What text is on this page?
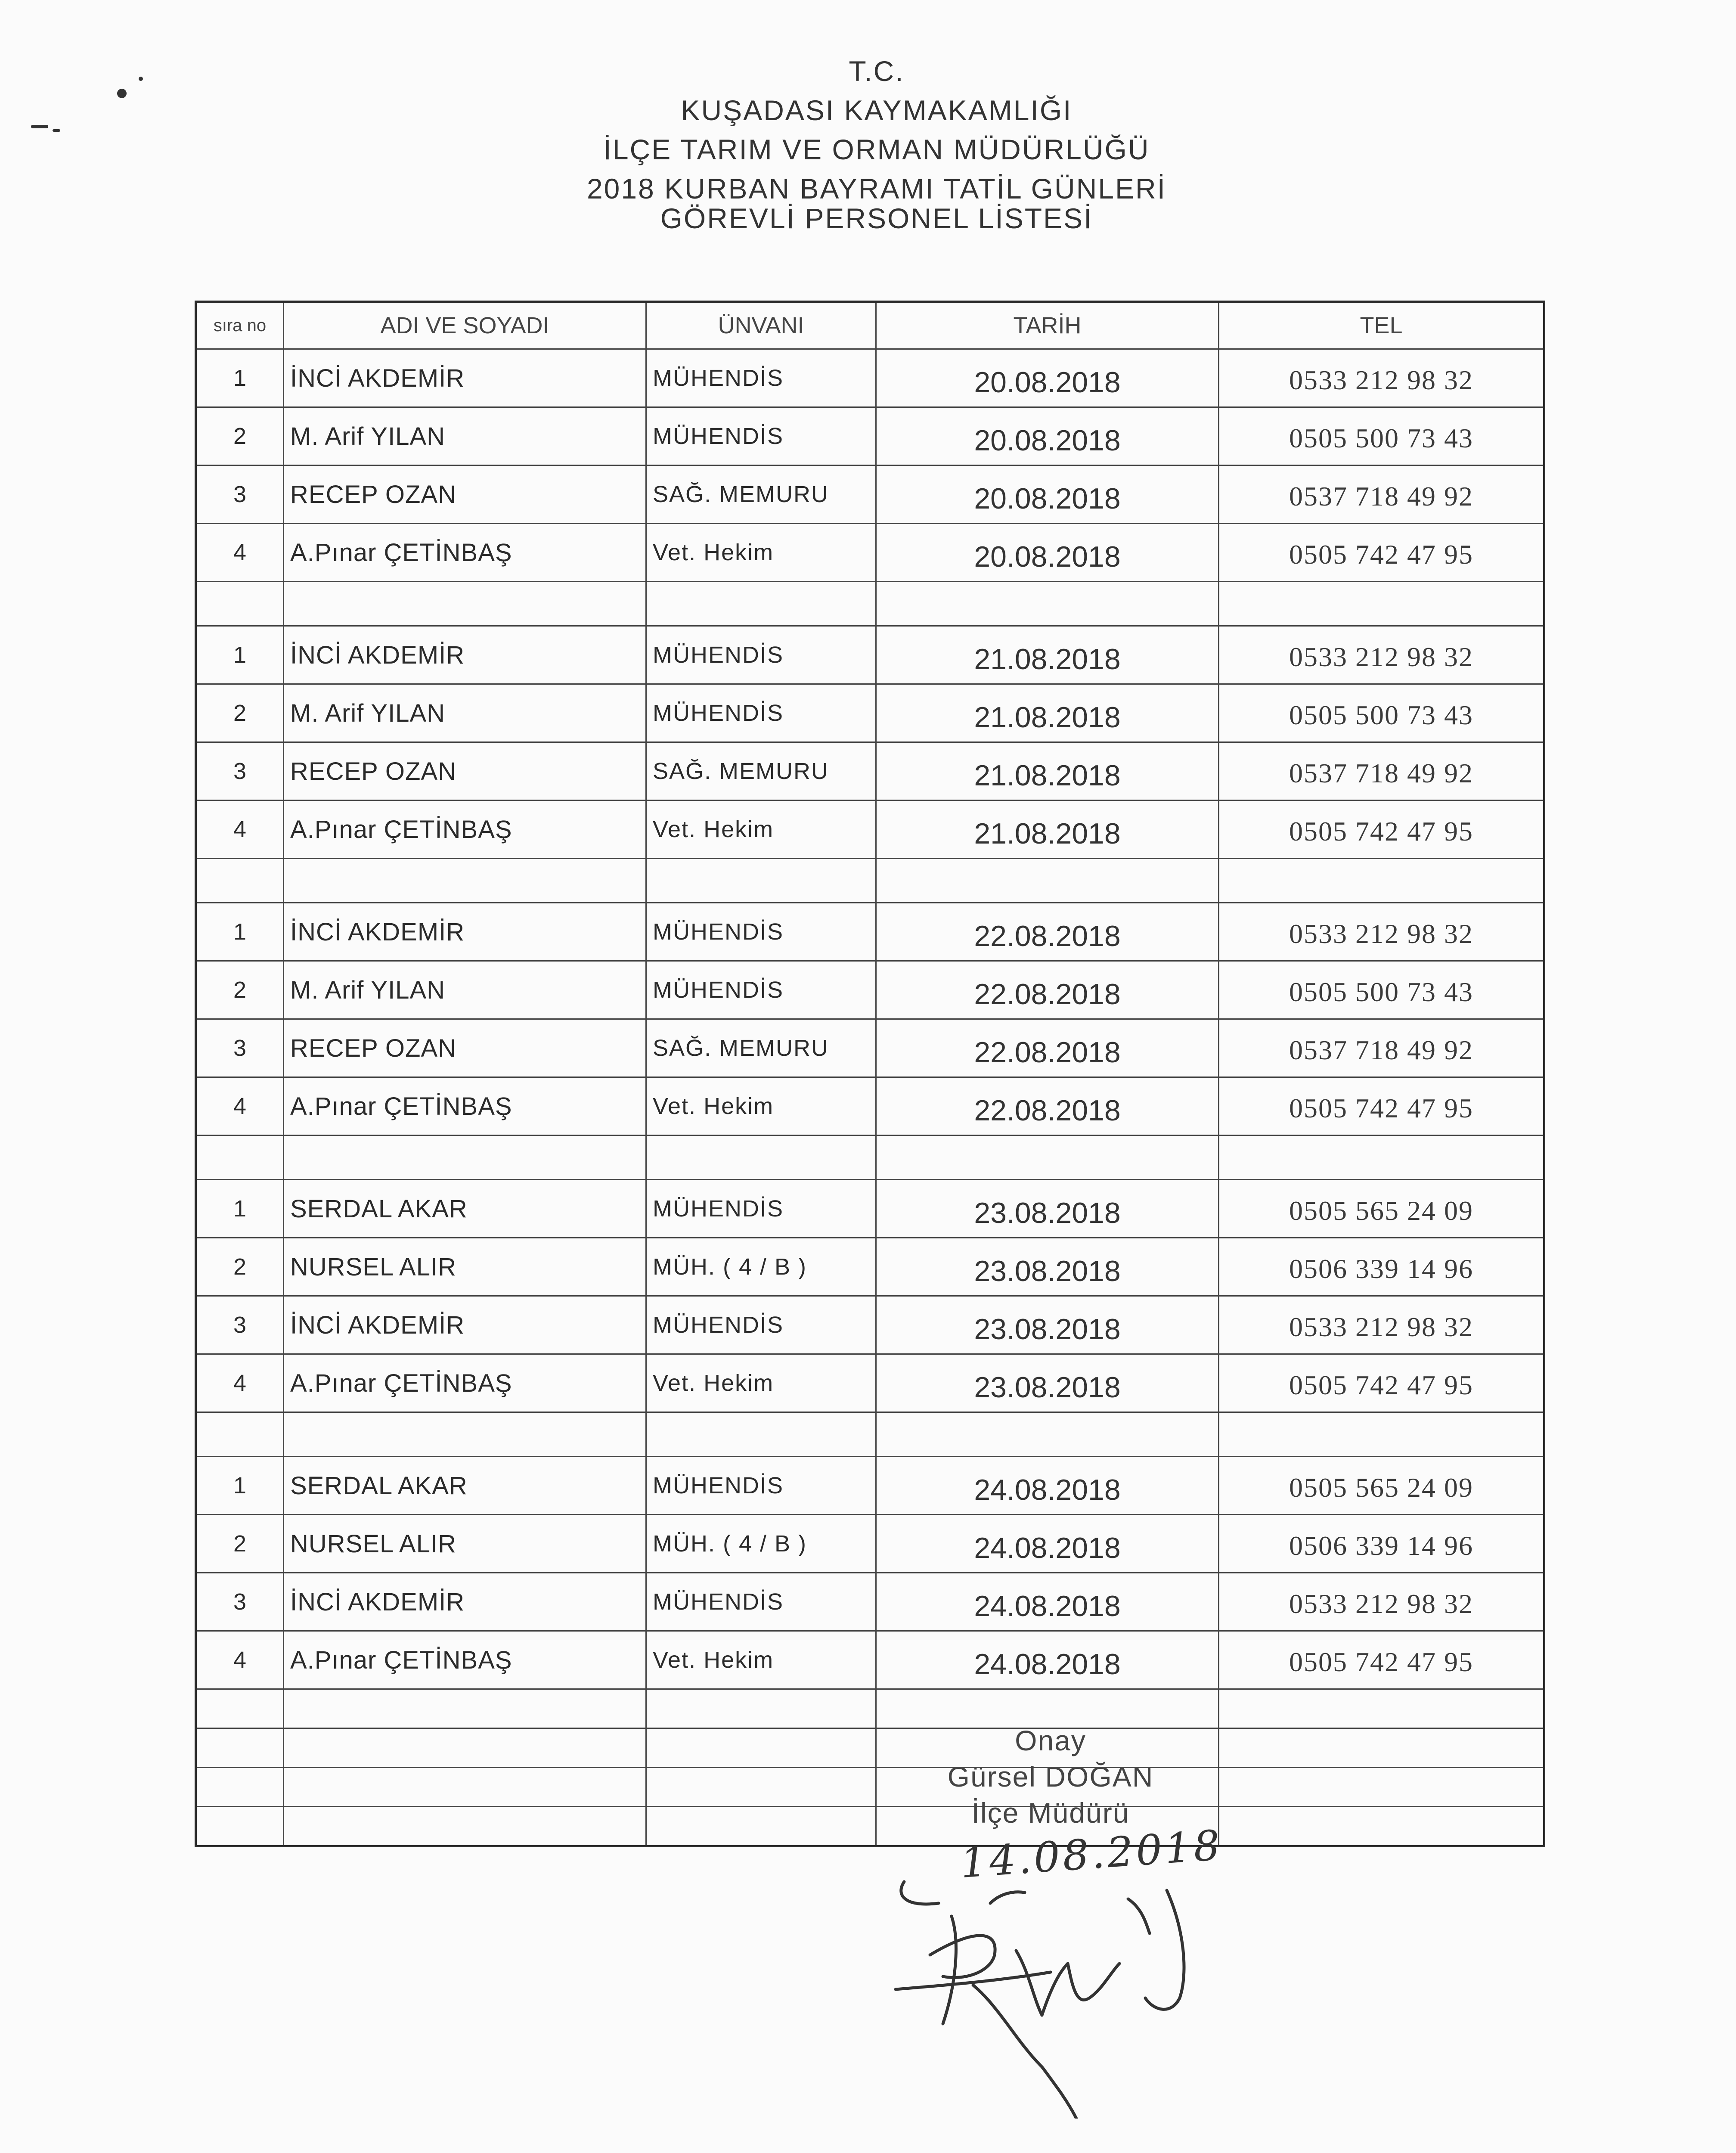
T.C.
KUŞADASI KAYMAKAMLIĞI
İLÇE TARIM VE ORMAN MÜDÜRLÜĞÜ
2018 KURBAN BAYRAMI TATİL GÜNLERİ
GÖREVLİ PERSONEL LİSTESİ
sıra no	ADI VE SOYADI	ÜNVANI	TARİH	TEL
1	İNCİ AKDEMİR	MÜHENDİS	20.08.2018	0533 212 98 32
2	M. Arif YILAN	MÜHENDİS	20.08.2018	0505 500 73 43
3	RECEP OZAN	SAĞ. MEMURU	20.08.2018	0537 718 49 92
4	A.Pınar ÇETİNBAŞ	Vet. Hekim	20.08.2018	0505 742 47 95

1	İNCİ AKDEMİR	MÜHENDİS	21.08.2018	0533 212 98 32
2	M. Arif YILAN	MÜHENDİS	21.08.2018	0505 500 73 43
3	RECEP OZAN	SAĞ. MEMURU	21.08.2018	0537 718 49 92
4	A.Pınar ÇETİNBAŞ	Vet. Hekim	21.08.2018	0505 742 47 95

1	İNCİ AKDEMİR	MÜHENDİS	22.08.2018	0533 212 98 32
2	M. Arif YILAN	MÜHENDİS	22.08.2018	0505 500 73 43
3	RECEP OZAN	SAĞ. MEMURU	22.08.2018	0537 718 49 92
4	A.Pınar ÇETİNBAŞ	Vet. Hekim	22.08.2018	0505 742 47 95

1	SERDAL AKAR	MÜHENDİS	23.08.2018	0505 565 24 09
2	NURSEL ALIR	MÜH. ( 4 / B )	23.08.2018	0506 339 14 96
3	İNCİ AKDEMİR	MÜHENDİS	23.08.2018	0533 212 98 32
4	A.Pınar ÇETİNBAŞ	Vet. Hekim	23.08.2018	0505 742 47 95

1	SERDAL AKAR	MÜHENDİS	24.08.2018	0505 565 24 09
2	NURSEL ALIR	MÜH. ( 4 / B )	24.08.2018	0506 339 14 96
3	İNCİ AKDEMİR	MÜHENDİS	24.08.2018	0533 212 98 32
4	A.Pınar ÇETİNBAŞ	Vet. Hekim	24.08.2018	0505 742 47 95

Onay
Gürsel DOĞAN
İlçe Müdürü
14.08.2018
